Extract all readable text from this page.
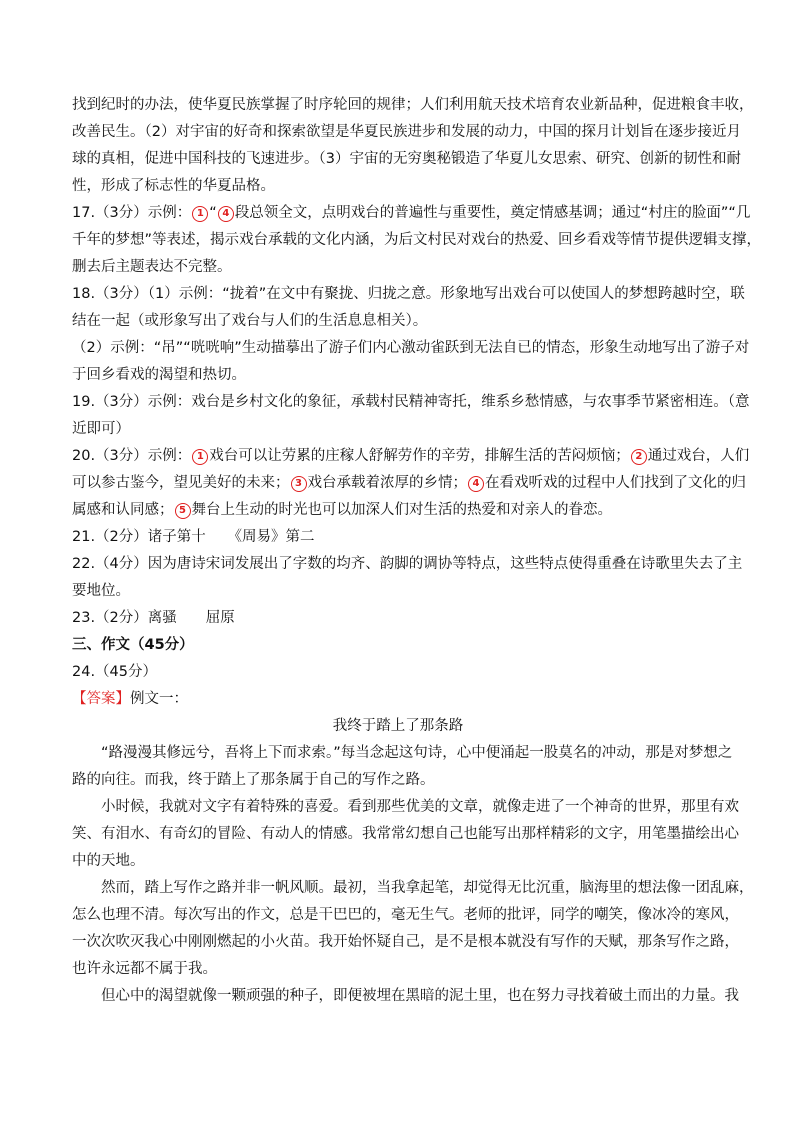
找到纪时的办法，使华夏民族掌握了时序轮回的规律；人们利用航天技术培育农业新品种，促进粮食丰收，

改善民生。（2）对宇宙的好奇和探索欲望是华夏民族进步和发展的动力，中国的探月计划旨在逐步接近月

球的真相，促进中国科技的飞速进步。（3）宇宙的无穷奥秘锻造了华夏儿女思索、研究、创新的韧性和耐

性，形成了标志性的华夏品格。

17.（3分）示例： 1 “ 4 段总领全文，点明戏台的普遍性与重要性，奠定情感基调；通过“村庄的脸面”“几

千年的梦想”等表述，揭示戏台承载的文化内涵，为后文村民对戏台的热爱、回乡看戏等情节提供逻辑支撑，

删去后主题表达不完整。

18.（3分）（1）示例：“拢着”在文中有聚拢、归拢之意。形象地写出戏台可以使国人的梦想跨越时空，联

结在一起（或形象写出了戏台与人们的生活息息相关）。

（2）示例：“吊”“咣咣响”生动描摹出了游子们内心激动雀跃到无法自已的情态，形象生动地写出了游子对

于回乡看戏的渴望和热切。

19.（3分）示例：戏台是乡村文化的象征，承载村民精神寄托，维系乡愁情感，与农事季节紧密相连。（意

近即可）

20.（3分）示例： 1 戏台可以让劳累的庄稼人舒解劳作的辛劳，排解生活的苦闷烦恼； 2 通过戏台，人们

可以参古鉴今，望见美好的未来； 3 戏台承载着浓厚的乡情； 4 在看戏听戏的过程中人们找到了文化的归

属感和认同感； 5 舞台上生动的时光也可以加深人们对生活的热爱和对亲人的眷恋。

21.（2分）诸子第十　　《周易》第二

22.（4分）因为唐诗宋词发展出了字数的均齐、韵脚的调协等特点，这些特点使得重叠在诗歌里失去了主

要地位。

23.（2分）离骚　　屈原

三、作文（45分）

24.（45分）

【答案】例文一：

我终于踏上了那条路

“路漫漫其修远兮，吾将上下而求索。”每当念起这句诗，心中便涌起一股莫名的冲动，那是对梦想之

路的向往。而我，终于踏上了那条属于自己的写作之路。

小时候，我就对文字有着特殊的喜爱。看到那些优美的文章，就像走进了一个神奇的世界，那里有欢

笑、有泪水、有奇幻的冒险、有动人的情感。我常常幻想自己也能写出那样精彩的文字，用笔墨描绘出心

中的天地。

然而，踏上写作之路并非一帆风顺。最初，当我拿起笔，却觉得无比沉重，脑海里的想法像一团乱麻，

怎么也理不清。每次写出的作文，总是干巴巴的，毫无生气。老师的批评，同学的嘲笑，像冰冷的寒风，

一次次吹灭我心中刚刚燃起的小火苗。我开始怀疑自己，是不是根本就没有写作的天赋，那条写作之路，

也许永远都不属于我。

但心中的渴望就像一颗顽强的种子，即便被埋在黑暗的泥土里，也在努力寻找着破土而出的力量。我
